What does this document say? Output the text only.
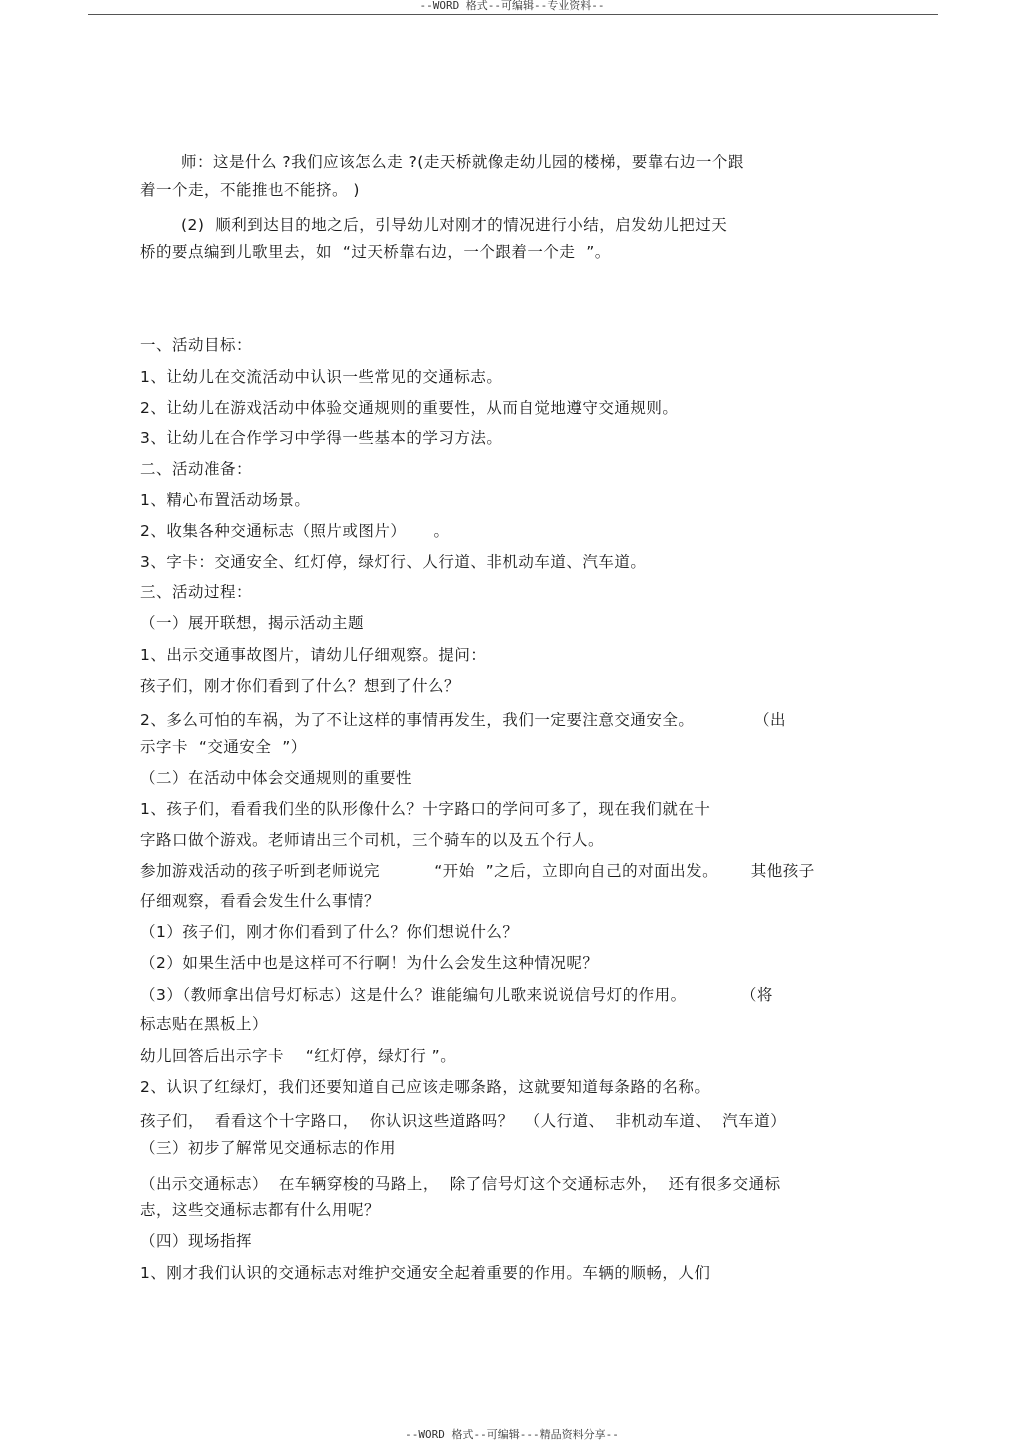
--WORD 格式--可编辑--专业资料--
师：这是什么 ?我们应该怎么走 ?(走天桥就像走幼儿园的楼梯，要靠右边一个跟
着一个走，不能推也不能挤。 )
(2)  顺利到达目的地之后，引导幼儿对刚才的情况进行小结，启发幼儿把过天
桥的要点编到儿歌里去，如  “过天桥靠右边，一个跟着一个走  ”。
一、活动目标：
1、让幼儿在交流活动中认识一些常见的交通标志。
2、让幼儿在游戏活动中体验交通规则的重要性，从而自觉地遵守交通规则。
3、让幼儿在合作学习中学得一些基本的学习方法。
二、活动准备：
1、精心布置活动场景。
2、收集各种交通标志（照片或图片）     。
3、字卡：交通安全、红灯停，绿灯行、人行道、非机动车道、汽车道。
三、活动过程：
（一）展开联想，揭示活动主题
1、出示交通事故图片，请幼儿仔细观察。提问：
孩子们，刚才你们看到了什么？想到了什么？
2、多么可怕的车祸，为了不让这样的事情再发生，我们一定要注意交通安全。           （出
示字卡  “交通安全  ”）
（二）在活动中体会交通规则的重要性
1、孩子们，看看我们坐的队形像什么？十字路口的学问可多了，现在我们就在十
字路口做个游戏。老师请出三个司机，三个骑车的以及五个行人。
参加游戏活动的孩子听到老师说完          “开始  ”之后，立即向自己的对面出发。      其他孩子
仔细观察，看看会发生什么事情？
（1）孩子们，刚才你们看到了什么？你们想说什么？
（2）如果生活中也是这样可不行啊！为什么会发生这种情况呢？
（3）（教师拿出信号灯标志）这是什么？谁能编句儿歌来说说信号灯的作用。          （将
标志贴在黑板上）
幼儿回答后出示字卡    “红灯停，绿灯行 ”。
2、认识了红绿灯，我们还要知道自己应该走哪条路，这就要知道每条路的名称。
孩子们，  看看这个十字路口，  你认识这些道路吗？  （人行道、  非机动车道、  汽车道）
（三）初步了解常见交通标志的作用
（出示交通标志）  在车辆穿梭的马路上，  除了信号灯这个交通标志外，  还有很多交通标
志，这些交通标志都有什么用呢？
（四）现场指挥
1、刚才我们认识的交通标志对维护交通安全起着重要的作用。车辆的顺畅，人们
--WORD 格式--可编辑---精品资料分享--
